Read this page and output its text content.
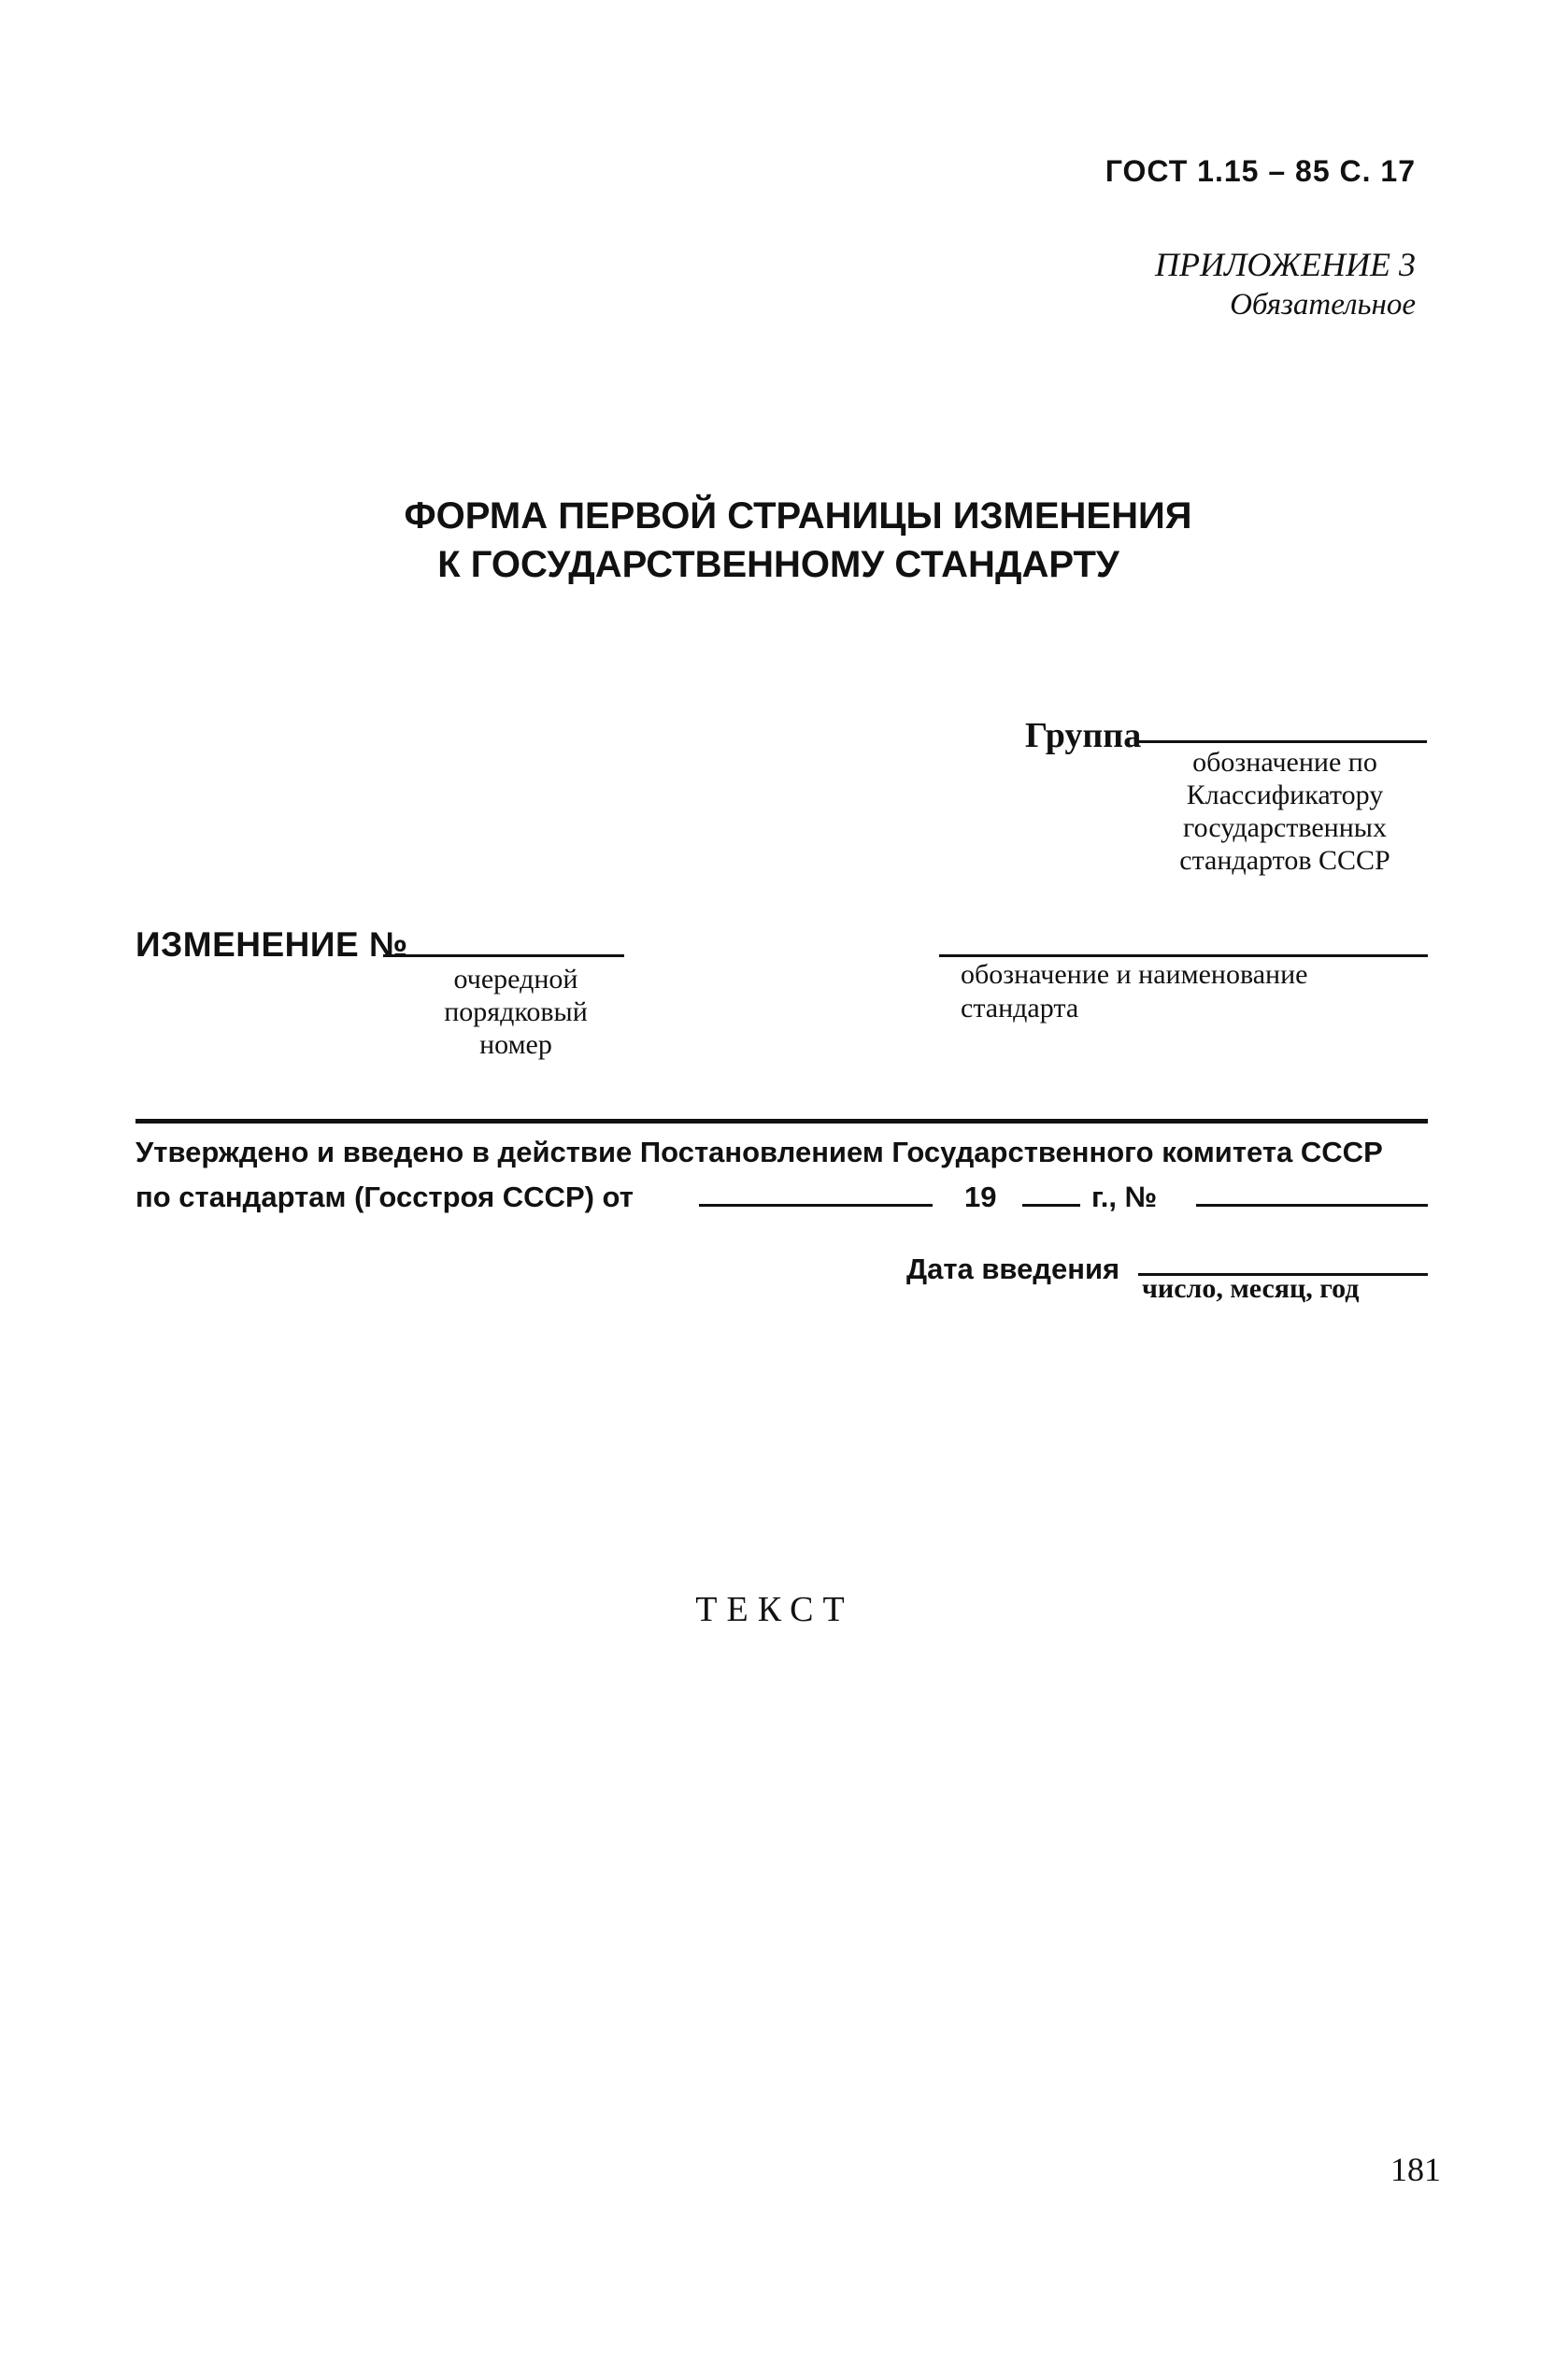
ГОСТ 1.15 – 85 С. 17
ПРИЛОЖЕНИЕ 3
Обязательное
ФОРМА ПЕРВОЙ СТРАНИЦЫ ИЗМЕНЕНИЯ
К ГОСУДАРСТВЕННОМУ СТАНДАРТУ
Группа
обозначение по Классификатору государственных стандартов СССР
ИЗМЕНЕНИЕ №
очередной порядковый номер
обозначение и наименование стандарта
Утверждено и введено в действие Постановлением Государственного комитета СССР
по стандартам (Госстроя СССР) от	19	г., №
Дата введения
число, месяц, год
ТЕКСТ
181
